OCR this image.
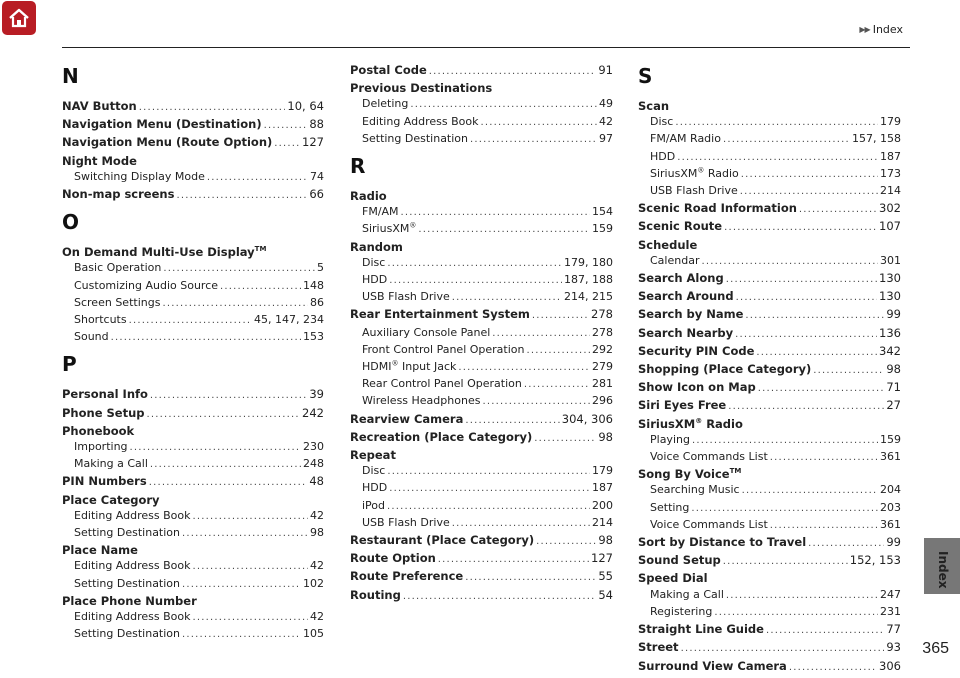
▶▶ Index
N
NAV Button .....	10, 64
Navigation Menu (Destination) .....	88
Navigation Menu (Route Option) .....	127
Night Mode
Switching Display Mode .....	74
Non-map screens .....	66
O
On Demand Multi-Use Display™
Basic Operation .....	5
Customizing Audio Source .....	148
Screen Settings .....	86
Shortcuts .....	45, 147, 234
Sound .....	153
P
Personal Info .....	39
Phone Setup .....	242
Phonebook
Importing .....	230
Making a Call .....	248
PIN Numbers .....	48
Place Category
Editing Address Book .....	42
Setting Destination .....	98
Place Name
Editing Address Book .....	42
Setting Destination .....	102
Place Phone Number
Editing Address Book .....	42
Setting Destination .....	105
Postal Code .....	91
Previous Destinations
Deleting .....	49
Editing Address Book .....	42
Setting Destination .....	97
R
Radio
FM/AM .....	154
SiriusXM® .....	159
Random
Disc .....	179, 180
HDD .....	187, 188
USB Flash Drive .....	214, 215
Rear Entertainment System .....	278
Auxiliary Console Panel .....	278
Front Control Panel Operation .....	292
HDMI® Input Jack .....	279
Rear Control Panel Operation .....	281
Wireless Headphones .....	296
Rearview Camera .....	304, 306
Recreation (Place Category) .....	98
Repeat
Disc .....	179
HDD .....	187
iPod .....	200
USB Flash Drive .....	214
Restaurant (Place Category) .....	98
Route Option .....	127
Route Preference .....	55
Routing .....	54
S
Scan
Disc .....	179
FM/AM Radio .....	157, 158
HDD .....	187
SiriusXM® Radio .....	173
USB Flash Drive .....	214
Scenic Road Information .....	302
Scenic Route .....	107
Schedule
Calendar .....	301
Search Along .....	130
Search Around .....	130
Search by Name .....	99
Search Nearby .....	136
Security PIN Code .....	342
Shopping (Place Category) .....	98
Show Icon on Map .....	71
Siri Eyes Free .....	27
SiriusXM® Radio
Playing .....	159
Voice Commands List .....	361
Song By Voice™
Searching Music .....	204
Setting .....	203
Voice Commands List .....	361
Sort by Distance to Travel .....	99
Sound Setup .....	152, 153
Speed Dial
Making a Call .....	247
Registering .....	231
Straight Line Guide .....	77
Street .....	93
Surround View Camera .....	306
Index
365
